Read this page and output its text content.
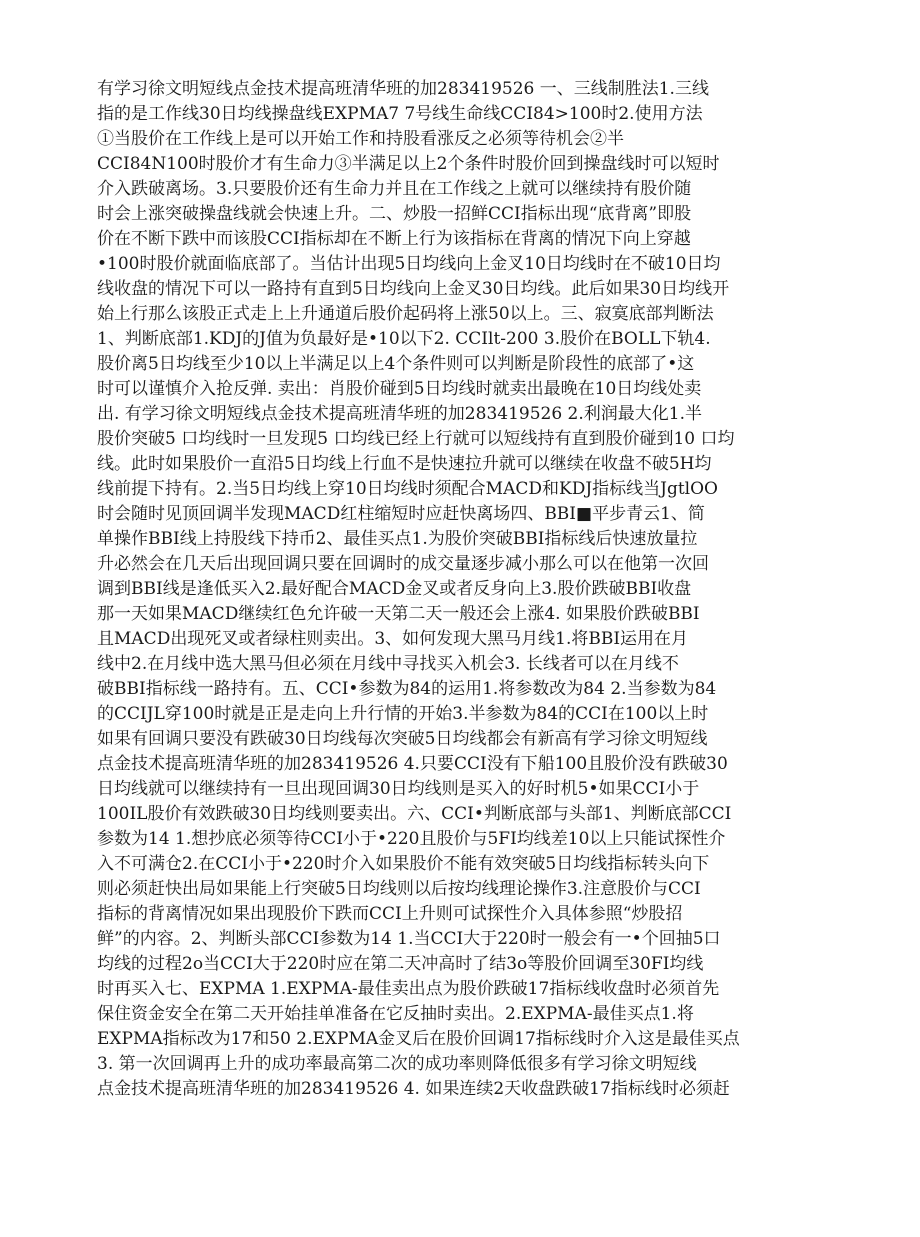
有学习徐文明短线点金技术提高班清华班的加283419526 一、三线制胜法1.三线
指的是工作线30日均线操盘线EXPMA7 7号线生命线CCI84>100时2.使用方法
①当股价在工作线上是可以开始工作和持股看涨反之必须等待机会②半
CCI84N100时股价才有生命力③半满足以上2个条件时股价回到操盘线时可以短时
介入跌破离场。3.只要股价还有生命力并且在工作线之上就可以继续持有股价随
时会上涨突破操盘线就会快速上升。二、炒股一招鲜CCI指标出现“底背离”即股
价在不断下跌中而该股CCI指标却在不断上行为该指标在背离的情况下向上穿越
•100时股价就面临底部了。当估计出现5日均线向上金叉10日均线时在不破10日均
线收盘的情况下可以一路持有直到5日均线向上金叉30日均线。此后如果30日均线开
始上行那么该股正式走上上升通道后股价起码将上涨50以上。三、寂寞底部判断法
1、判断底部1.KDJ的J值为负最好是•10以下2. CCIlt-200 3.股价在BOLL下轨4.
股价离5日均线至少10以上半满足以上4个条件则可以判断是阶段性的底部了•这
时可以谨慎介入抢反弹. 卖出：肖股价碰到5日均线时就卖出最晚在10日均线处卖
出. 有学习徐文明短线点金技术提高班清华班的加283419526 2.利润最大化1.半
股价突破5 口均线时一旦发现5 口均线已经上行就可以短线持有直到股价碰到10 口均
线。此时如果股价一直沿5日均线上行血不是快速拉升就可以继续在收盘不破5H均
线前提下持有。2.当5日均线上穿10日均线时须配合MACD和KDJ指标线当JgtlOO
时会随时见顶回调半发现MACD红柱缩短时应赶快离场四、BBI■平步青云1、简
单操作BBI线上持股线下持币2、最佳买点1.为股价突破BBI指标线后快速放量拉
升必然会在几天后出现回调只要在回调时的成交量逐步减小那么可以在他第一次回
调到BBI线是逢低买入2.最好配合MACD金叉或者反身向上3.股价跌破BBI收盘
那一天如果MACD继续红色允许破一天第二天一般还会上涨4. 如果股价跌破BBI
且MACD出现死叉或者绿柱则卖出。3、如何发现大黑马月线1.将BBI运用在月
线中2.在月线中选大黑马但必须在月线中寻找买入机会3. 长线者可以在月线不
破BBI指标线一路持有。五、CCI•参数为84的运用1.将参数改为84 2.当参数为84
的CCIJL穿100时就是正是走向上升行情的开始3.半参数为84的CCI在100以上时
如果有回调只要没有跌破30日均线每次突破5日均线都会有新高有学习徐文明短线
点金技术提高班清华班的加283419526 4.只要CCI没有下船100且股价没有跌破30
日均线就可以继续持有一旦出现回调30日均线则是买入的好时机5•如果CCI小于
100IL股价有效跌破30日均线则要卖出。六、CCI•判断底部与头部1、判断底部CCI
参数为14 1.想抄底必须等待CCI小于•220且股价与5FI均线差10以上只能试探性介
入不可满仓2.在CCI小于•220时介入如果股价不能有效突破5日均线指标转头向下
则必须赶快出局如果能上行突破5日均线则以后按均线理论操作3.注意股价与CCI
指标的背离情况如果出现股价下跌而CCI上升则可试探性介入具体参照“炒股招
鲜”的内容。2、判断头部CCI参数为14 1.当CCI大于220时一般会有一•个回抽5口
均线的过程2o当CCI大于220时应在第二天冲高时了结3o等股价回调至30FI均线
时再买入七、EXPMA 1.EXPMA-最佳卖出点为股价跌破17指标线收盘时必须首先
保住资金安全在第二天开始挂单准备在它反抽时卖出。2.EXPMA-最佳买点1.将
EXPMA指标改为17和50 2.EXPMA金叉后在股价回调17指标线时介入这是最佳买点
3. 第一次回调再上升的成功率最高第二次的成功率则降低很多有学习徐文明短线
点金技术提高班清华班的加283419526 4. 如果连续2天收盘跌破17指标线时必须赶
